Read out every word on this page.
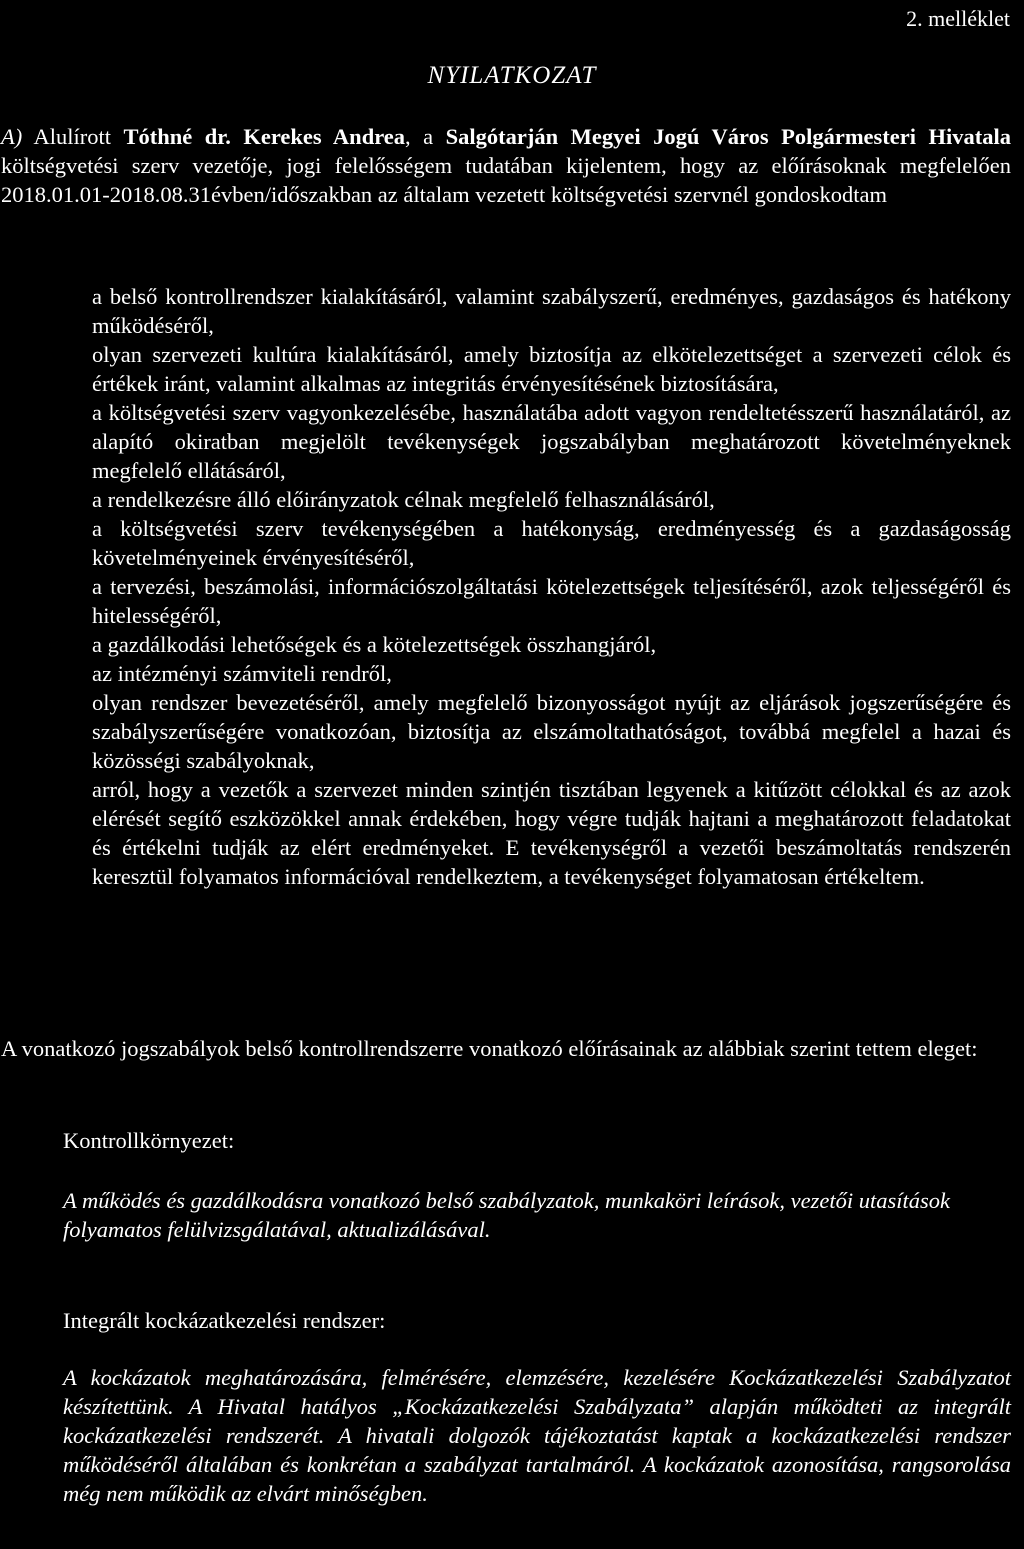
2. melléklet
NYILATKOZAT
A) Alulírott Tóthné dr. Kerekes Andrea, a Salgótarján Megyei Jogú Város Polgármesteri Hivatala költségvetési szerv vezetője, jogi felelősségem tudatában kijelentem, hogy az előírásoknak megfelelően 2018.01.01-2018.08.31évben/időszakban az általam vezetett költségvetési szervnél gondoskodtam
a belső kontrollrendszer kialakításáról, valamint szabályszerű, eredményes, gazdaságos és hatékony működéséről,
olyan szervezeti kultúra kialakításáról, amely biztosítja az elkötelezettséget a szervezeti célok és értékek iránt, valamint alkalmas az integritás érvényesítésének biztosítására,
a költségvetési szerv vagyonkezelésébe, használatába adott vagyon rendeltetésszerű használatáról, az alapító okiratban megjelölt tevékenységek jogszabályban meghatározott követelményeknek megfelelő ellátásáról,
a rendelkezésre álló előirányzatok célnak megfelelő felhasználásáról,
a költségvetési szerv tevékenységében a hatékonyság, eredményesség és a gazdaságosság követelményeinek érvényesítéséről,
a tervezési, beszámolási, információszolgáltatási kötelezettségek teljesítéséről, azok teljességéről és hitelességéről,
a gazdálkodási lehetőségek és a kötelezettségek összhangjáról,
az intézményi számviteli rendről,
olyan rendszer bevezetéséről, amely megfelelő bizonyosságot nyújt az eljárások jogszerűségére és szabályszerűségére vonatkozóan, biztosítja az elszámoltathatóságot, továbbá megfelel a hazai és közösségi szabályoknak,
arról, hogy a vezetők a szervezet minden szintjén tisztában legyenek a kitűzött célokkal és az azok elérését segítő eszközökkel annak érdekében, hogy végre tudják hajtani a meghatározott feladatokat és értékelni tudják az elért eredményeket. E tevékenységről a vezetői beszámoltatás rendszerén keresztül folyamatos információval rendelkeztem, a tevékenységet folyamatosan értékeltem.
A vonatkozó jogszabályok belső kontrollrendszerre vonatkozó előírásainak az alábbiak szerint tettem eleget:
Kontrollkörnyezet:
A működés és gazdálkodásra vonatkozó belső szabályzatok, munkaköri leírások, vezetői utasítások folyamatos felülvizsgálatával, aktualizálásával.
Integrált kockázatkezelési rendszer:
A kockázatok meghatározására, felmérésére, elemzésére, kezelésére Kockázatkezelési Szabályzatot készítettünk. A Hivatal hatályos „Kockázatkezelési Szabályzata” alapján működteti az integrált kockázatkezelési rendszerét. A hivatali dolgozók tájékoztatást kaptak a kockázatkezelési rendszer működéséről általában és konkrétan a szabályzat tartalmáról. A kockázatok azonosítása, rangsorolása még nem működik az elvárt minőségben.
